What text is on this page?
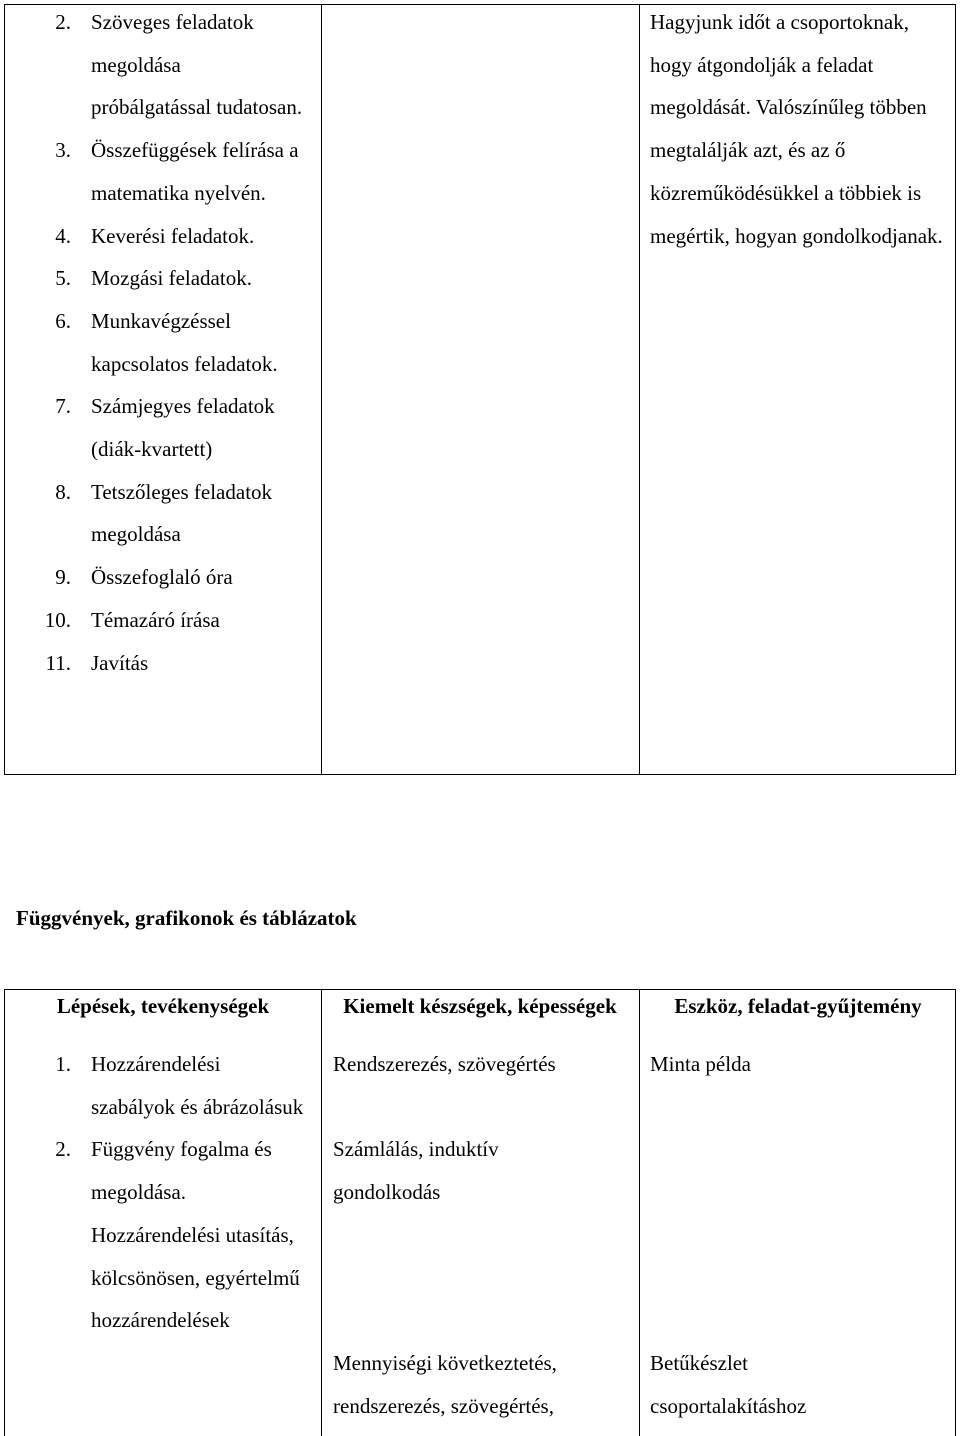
2. Szöveges feladatok megoldása próbálgatással tudatosan.
3. Összefüggések felírása a matematika nyelvén.
4. Keverési feladatok.
5. Mozgási feladatok.
6. Munkavégzéssel kapcsolatos feladatok.
7. Számjegyes feladatok (diák-kvartett)
8. Tetszőleges feladatok megoldása
9. Összefoglaló óra
10. Témazáró írása
11. Javítás
Hagyjunk időt a csoportoknak, hogy átgondolják a feladat megoldását. Valószínűleg többen megtalálják azt, és az ő közreműködésükkel a többiek is megértik, hogyan gondolkodjanak.
Függvények, grafikonok és táblázatok
Lépések, tevékenységek	Kiemelt készségek, képességek	Eszköz, feladat-gyűjtemény
1. Hozzárendelési szabályok és ábrázolásuk
2. Függvény fogalma és megoldása. Hozzárendelési utasítás, kölcsönösen, egyértelmű hozzárendelések
Rendszerezés, szövegértés
Számlálás, induktív
gondolkodás
Mennyiségi következtetés,
rendszerezés, szövegértés,
Minta példa
Betűkészlet
csoportalakításhoz
